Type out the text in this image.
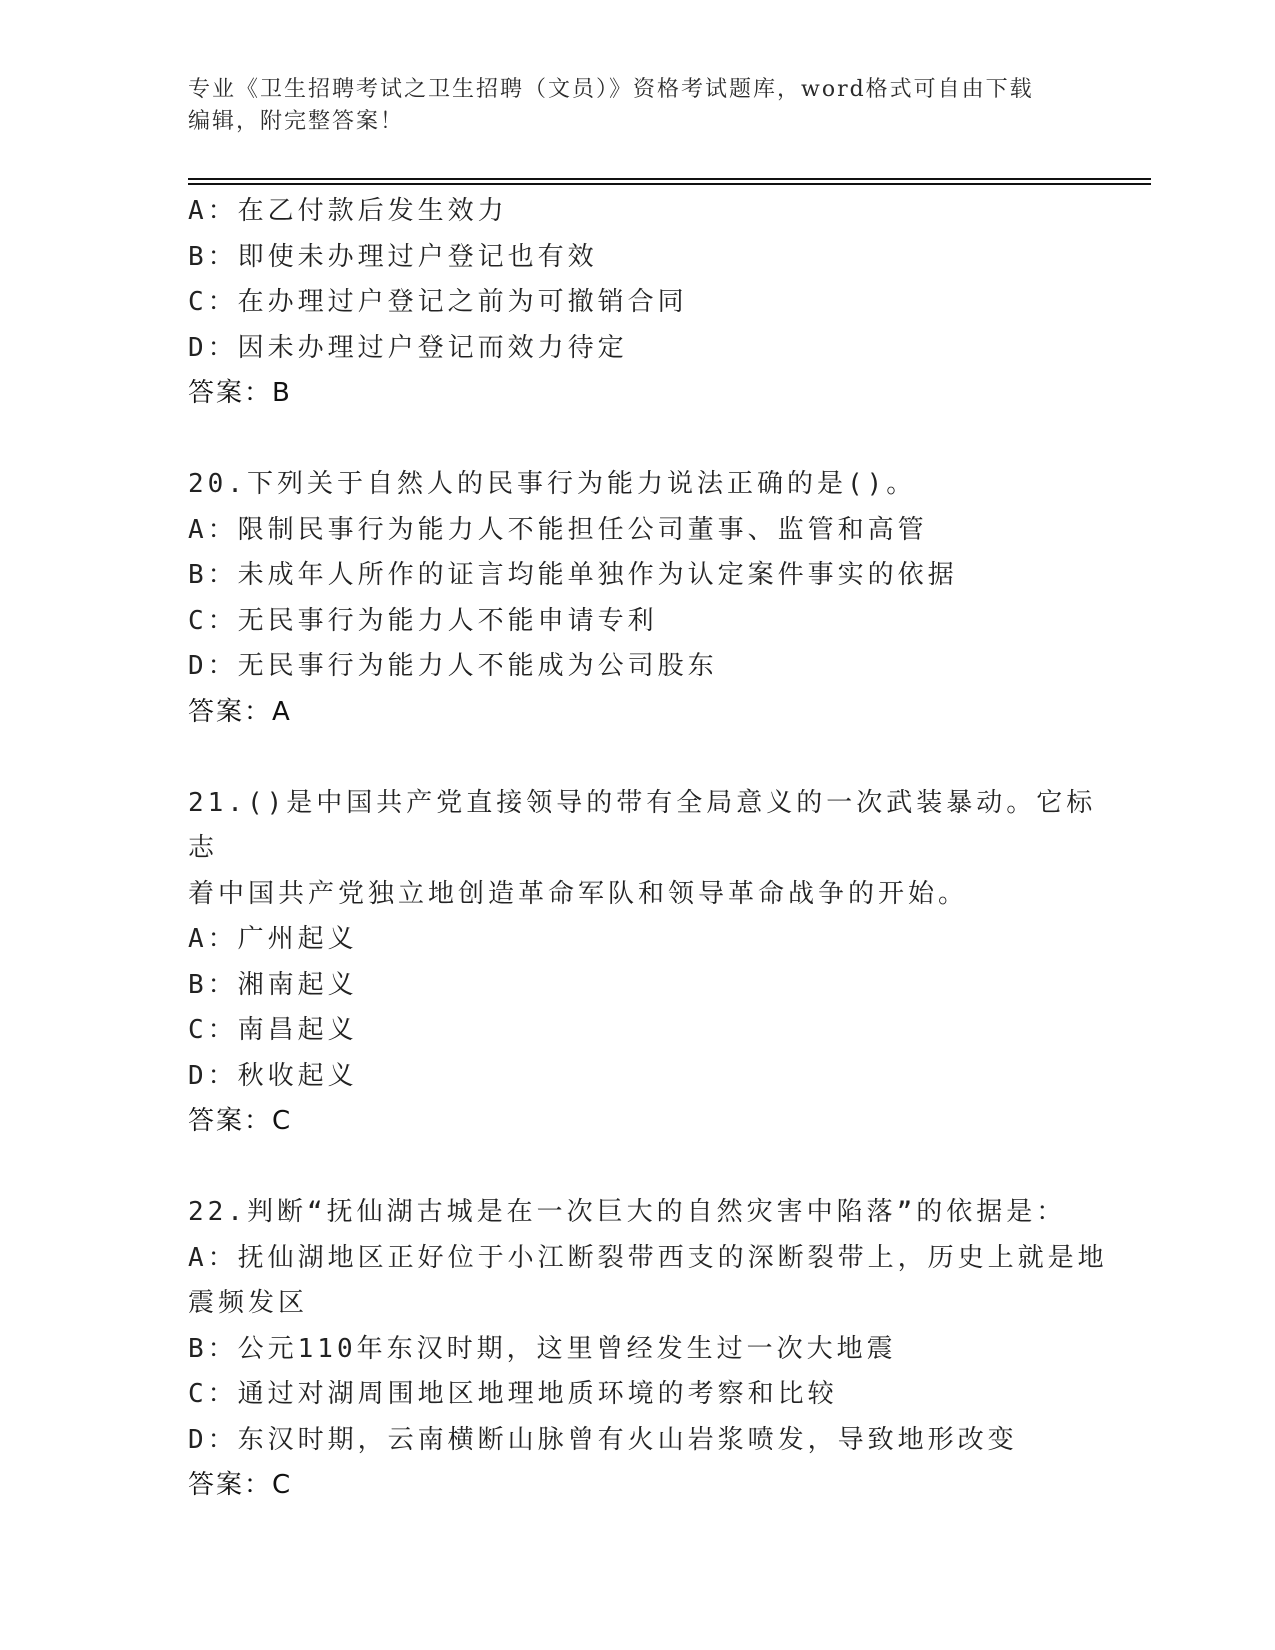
专业《卫生招聘考试之卫生招聘（文员）》资格考试题库，word格式可自由下载
编辑，附完整答案！
A：在乙付款后发生效力
B：即使未办理过户登记也有效
C：在办理过户登记之前为可撤销合同
D：因未办理过户登记而效力待定
答案：B
20.下列关于自然人的民事行为能力说法正确的是()。
A：限制民事行为能力人不能担任公司董事、监管和高管
B：未成年人所作的证言均能单独作为认定案件事实的依据
C：无民事行为能力人不能申请专利
D：无民事行为能力人不能成为公司股东
答案：A
21.()是中国共产党直接领导的带有全局意义的一次武装暴动。它标志
着中国共产党独立地创造革命军队和领导革命战争的开始。
A：广州起义
B：湘南起义
C：南昌起义
D：秋收起义
答案：C
22.判断“抚仙湖古城是在一次巨大的自然灾害中陷落”的依据是：
A：抚仙湖地区正好位于小江断裂带西支的深断裂带上，历史上就是地
震频发区
B：公元110年东汉时期，这里曾经发生过一次大地震
C：通过对湖周围地区地理地质环境的考察和比较
D：东汉时期，云南横断山脉曾有火山岩浆喷发，导致地形改变
答案：C
